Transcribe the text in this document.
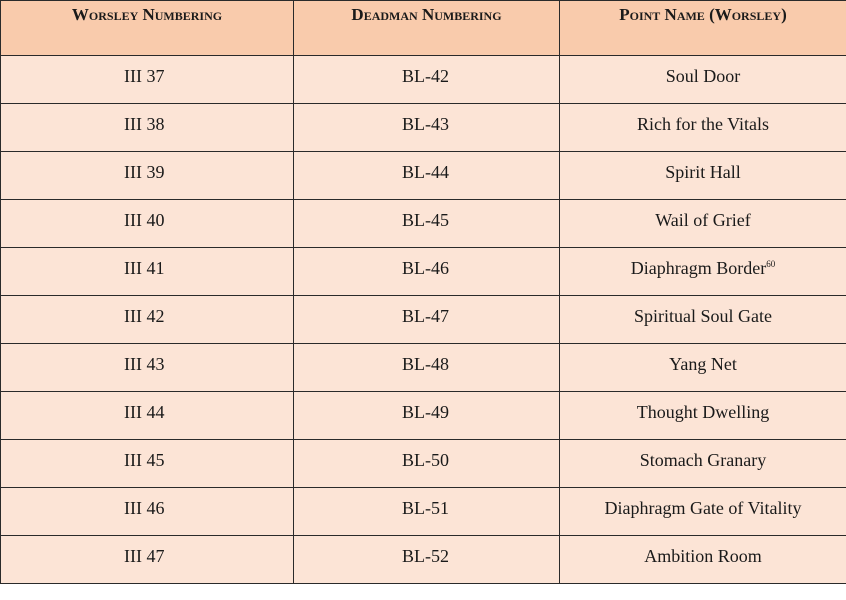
Worsley Numbering	Deadman Numbering	Point Name (Worsley)
III 37	BL-42	Soul Door
III 38	BL-43	Rich for the Vitals
III 39	BL-44	Spirit Hall
III 40	BL-45	Wail of Grief
III 41	BL-46	Diaphragm Border$^{60}$
III 42	BL-47	Spiritual Soul Gate
III 43	BL-48	Yang Net
III 44	BL-49	Thought Dwelling
III 45	BL-50	Stomach Granary
III 46	BL-51	Diaphragm Gate of Vitality
III 47	BL-52	Ambition Room
